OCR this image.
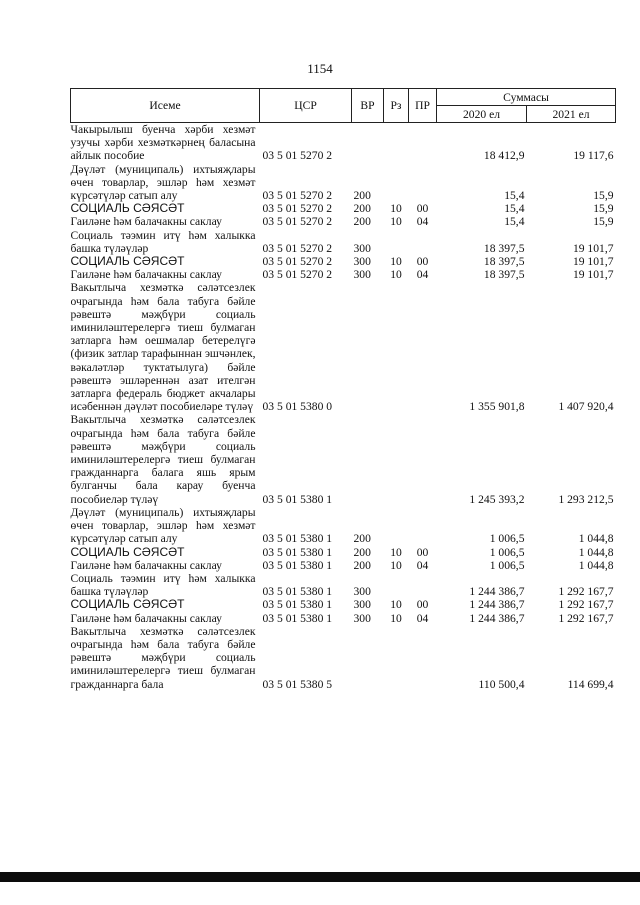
1154
Исеме	ЦСР	ВР	Рз	ПР	Суммасы	
					2020 ел	2021 ел
Чакырылыш буенча хәрби хезмәт узучы хәрби хезмәткәрнең баласына айлык пособие	03 5 01 5270 2				18 412,9	19 117,6
Дәүләт (муниципаль) ихтыяҗлары өчен товарлар, эшләр һәм хезмәт күрсәтүләр сатып алу	03 5 01 5270 2	200			15,4	15,9
СОЦИАЛЬ СӘЯСӘТ	03 5 01 5270 2	200	10	00	15,4	15,9
Гаиләне һәм балачакны саклау	03 5 01 5270 2	200	10	04	15,4	15,9
Социаль тәэмин итү һәм халыкка башка түләүләр	03 5 01 5270 2	300			18 397,5	19 101,7
СОЦИАЛЬ СӘЯСӘТ	03 5 01 5270 2	300	10	00	18 397,5	19 101,7
Гаиләне һәм балачакны саклау	03 5 01 5270 2	300	10	04	18 397,5	19 101,7
Вакытлыча хезмәткә сәләтсезлек очрагында һәм бала табуга бәйле рәвештә мәҗбүри социаль иминиләштерелергә тиеш булмаган затларга һәм оешмалар бетерелүгә (физик затлар тарафыннан эшчәнлек, вәкаләтләр туктатылуга) бәйле рәвештә эшләреннән азат ителгән затларга федераль бюджет акчалары исәбеннән дәүләт пособиеләре түләү	03 5 01 5380 0				1 355 901,8	1 407 920,4
Вакытлыча хезмәткә сәләтсезлек очрагында һәм бала табуга бәйле рәвештә мәҗбүри социаль иминиләштерелергә тиеш булмаган гражданнарга балага яшь ярым булганчы бала карау буенча пособиеләр түләү	03 5 01 5380 1				1 245 393,2	1 293 212,5
Дәүләт (муниципаль) ихтыяҗлары өчен товарлар, эшләр һәм хезмәт күрсәтүләр сатып алу	03 5 01 5380 1	200			1 006,5	1 044,8
СОЦИАЛЬ СӘЯСӘТ	03 5 01 5380 1	200	10	00	1 006,5	1 044,8
Гаиләне һәм балачакны саклау	03 5 01 5380 1	200	10	04	1 006,5	1 044,8
Социаль тәэмин итү һәм халыкка башка түләүләр	03 5 01 5380 1	300			1 244 386,7	1 292 167,7
СОЦИАЛЬ СӘЯСӘТ	03 5 01 5380 1	300	10	00	1 244 386,7	1 292 167,7
Гаиләне һәм балачакны саклау	03 5 01 5380 1	300	10	04	1 244 386,7	1 292 167,7
Вакытлыча хезмәткә сәләтсезлек очрагында һәм бала табуга бәйле рәвештә мәҗбүри социаль иминиләштерелергә тиеш булмаган гражданнарга бала	03 5 01 5380 5				110 500,4	114 699,4
